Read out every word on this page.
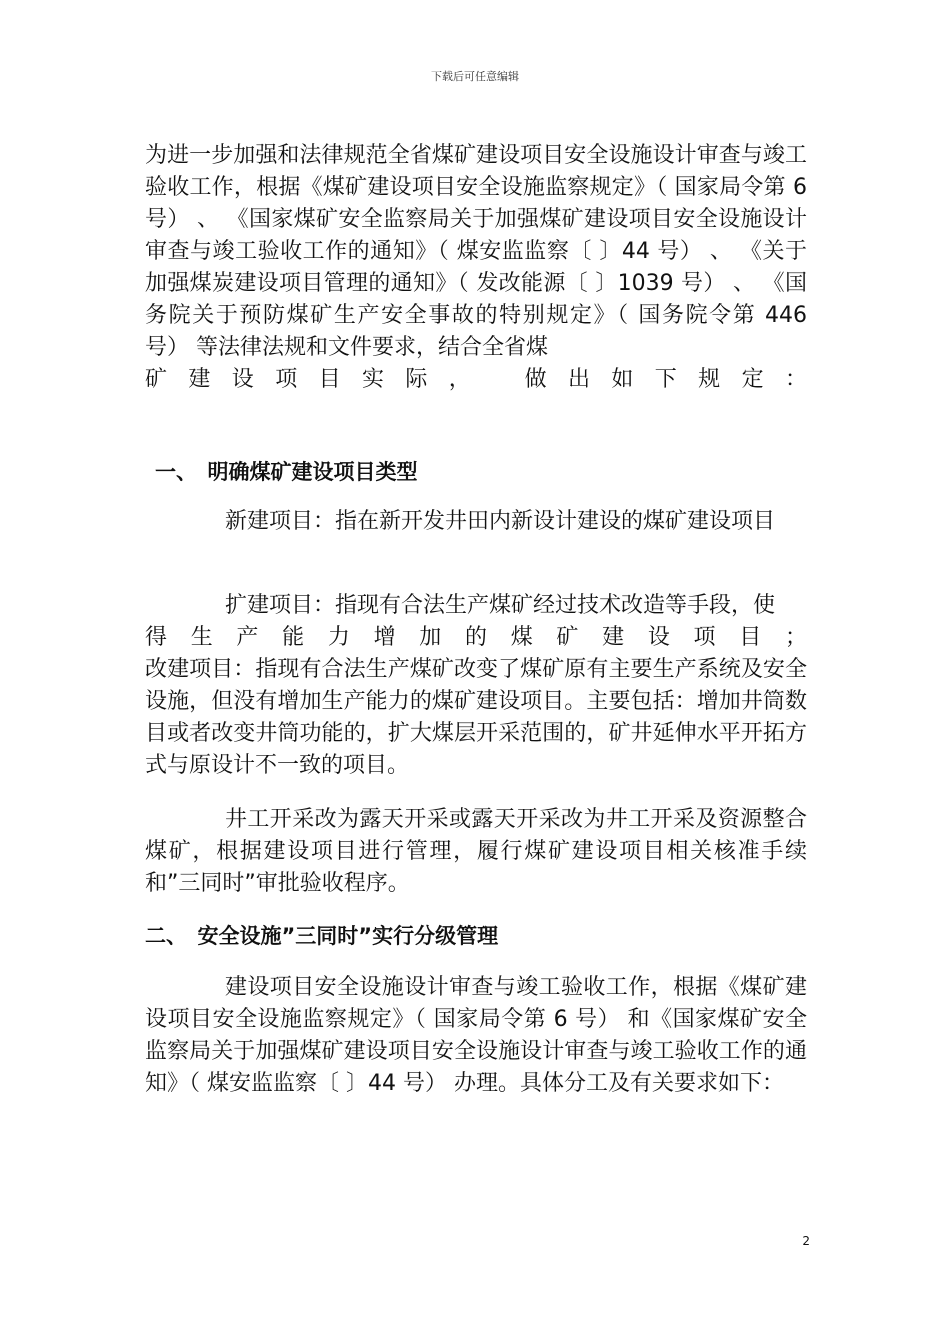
下载后可任意编辑

为进一步加强和法律规范全省煤矿建设项目安全设施设计审查与竣工验收工作，根据《煤矿建设项目安全设施监察规定》（ 国家局令第 6 号） 、 《国家煤矿安全监察局关于加强煤矿建设项目安全设施设计审查与竣工验收工作的通知》（ 煤安监监察〔 〕44 号） 、 《关于加强煤炭建设项目管理的通知》（ 发改能源〔 〕1039 号） 、 《国务院关于预防煤矿生产安全事故的特别规定》（ 国务院令第 446 号） 等法律法规和文件要求，结合全省煤

矿建设项目实际，　做出如下规定：

一、　明确煤矿建设项目类型

新建项目：指在新开发井田内新设计建设的煤矿建设项目

扩建项目：指现有合法生产煤矿经过技术改造等手段，使

得生产能力增加的煤矿建设项目；

改建项目：指现有合法生产煤矿改变了煤矿原有主要生产系统及安全设施，但没有增加生产能力的煤矿建设项目。主要包括：增加井筒数目或者改变井筒功能的，扩大煤层开采范围的，矿井延伸水平开拓方式与原设计不一致的项目。

井工开采改为露天开采或露天开采改为井工开采及资源整合煤矿，根据建设项目进行管理，履行煤矿建设项目相关核准手续和”三同时”审批验收程序。

二、　安全设施”三同时”实行分级管理

建设项目安全设施设计审查与竣工验收工作，根据《煤矿建设项目安全设施监察规定》（ 国家局令第 6 号） 和《国家煤矿安全监察局关于加强煤矿建设项目安全设施设计审查与竣工验收工作的通知》（ 煤安监监察〔 〕44 号） 办理。具体分工及有关要求如下：

2
